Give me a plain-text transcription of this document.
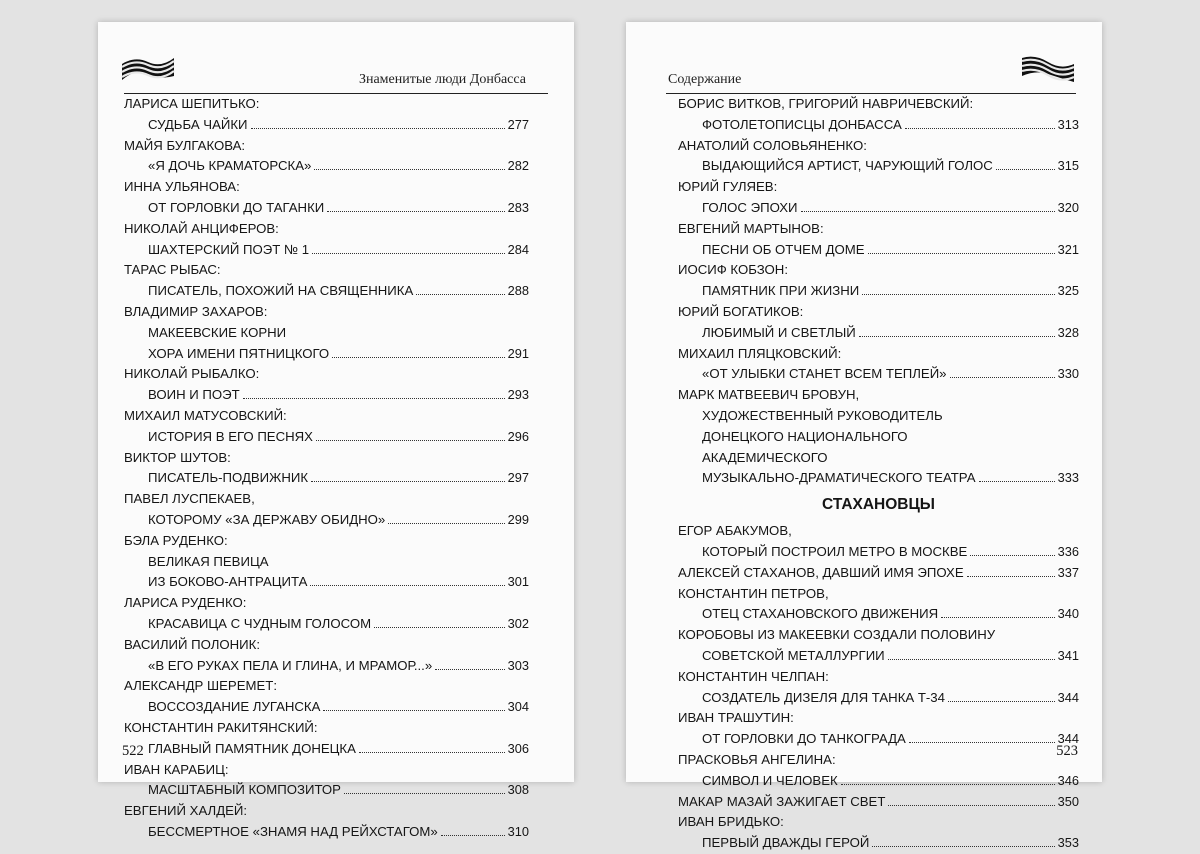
Знаменитые люди Донбасса
ЛАРИСА ШЕПИТЬКО:
СУДЬБА ЧАЙКИ	277
МАЙЯ БУЛГАКОВА:
«Я ДОЧЬ КРАМАТОРСКА»	282
ИННА УЛЬЯНОВА:
ОТ ГОРЛОВКИ ДО ТАГАНКИ	283
НИКОЛАЙ АНЦИФЕРОВ:
ШАХТЕРСКИЙ ПОЭТ № 1	284
ТАРАС РЫБАС:
ПИСАТЕЛЬ, ПОХОЖИЙ НА СВЯЩЕННИКА	288
ВЛАДИМИР ЗАХАРОВ:
МАКЕЕВСКИЕ КОРНИ
ХОРА ИМЕНИ ПЯТНИЦКОГО	291
НИКОЛАЙ РЫБАЛКО:
ВОИН И ПОЭТ	293
МИХАИЛ МАТУСОВСКИЙ:
ИСТОРИЯ В ЕГО ПЕСНЯХ	296
ВИКТОР ШУТОВ:
ПИСАТЕЛЬ-ПОДВИЖНИК	297
ПАВЕЛ ЛУСПЕКАЕВ,
КОТОРОМУ «ЗА ДЕРЖАВУ ОБИДНО»	299
БЭЛА РУДЕНКО:
ВЕЛИКАЯ ПЕВИЦА
ИЗ БОКОВО-АНТРАЦИТА	301
ЛАРИСА РУДЕНКО:
КРАСАВИЦА С ЧУДНЫМ ГОЛОСОМ	302
ВАСИЛИЙ ПОЛОНИК:
«В ЕГО РУКАХ ПЕЛА И ГЛИНА, И МРАМОР...»	303
АЛЕКСАНДР ШЕРЕМЕТ:
ВОССОЗДАНИЕ ЛУГАНСКА	304
КОНСТАНТИН РАКИТЯНСКИЙ:
ГЛАВНЫЙ ПАМЯТНИК ДОНЕЦКА	306
ИВАН КАРАБИЦ:
МАСШТАБНЫЙ КОМПОЗИТОР	308
ЕВГЕНИЙ ХАЛДЕЙ:
БЕССМЕРТНОЕ «ЗНАМЯ НАД РЕЙХСТАГОМ»	310
522
Содержание
БОРИС ВИТКОВ, ГРИГОРИЙ НАВРИЧЕВСКИЙ:
ФОТОЛЕТОПИСЦЫ ДОНБАССА	313
АНАТОЛИЙ СОЛОВЬЯНЕНКО:
ВЫДАЮЩИЙСЯ АРТИСТ, ЧАРУЮЩИЙ ГОЛОС	315
ЮРИЙ ГУЛЯЕВ:
ГОЛОС ЭПОХИ	320
ЕВГЕНИЙ МАРТЫНОВ:
ПЕСНИ ОБ ОТЧЕМ ДОМЕ	321
ИОСИФ КОБЗОН:
ПАМЯТНИК ПРИ ЖИЗНИ	325
ЮРИЙ БОГАТИКОВ:
ЛЮБИМЫЙ И СВЕТЛЫЙ	328
МИХАИЛ ПЛЯЦКОВСКИЙ:
«ОТ УЛЫБКИ СТАНЕТ ВСЕМ ТЕПЛЕЙ»	330
МАРК МАТВЕЕВИЧ БРОВУН,
ХУДОЖЕСТВЕННЫЙ РУКОВОДИТЕЛЬ
ДОНЕЦКОГО НАЦИОНАЛЬНОГО
АКАДЕМИЧЕСКОГО
МУЗЫКАЛЬНО-ДРАМАТИЧЕСКОГО ТЕАТРА	333
СТАХАНОВЦЫ
ЕГОР АБАКУМОВ,
КОТОРЫЙ ПОСТРОИЛ МЕТРО В МОСКВЕ	336
АЛЕКСЕЙ СТАХАНОВ, ДАВШИЙ ИМЯ ЭПОХЕ	337
КОНСТАНТИН ПЕТРОВ,
ОТЕЦ СТАХАНОВСКОГО ДВИЖЕНИЯ	340
КОРОБОВЫ ИЗ МАКЕЕВКИ СОЗДАЛИ ПОЛОВИНУ
СОВЕТСКОЙ МЕТАЛЛУРГИИ	341
КОНСТАНТИН ЧЕЛПАН:
СОЗДАТЕЛЬ ДИЗЕЛЯ ДЛЯ ТАНКА Т-34	344
ИВАН ТРАШУТИН:
ОТ ГОРЛОВКИ ДО ТАНКОГРАДА	344
ПРАСКОВЬЯ АНГЕЛИНА:
СИМВОЛ И ЧЕЛОВЕК	346
МАКАР МАЗАЙ ЗАЖИГАЕТ СВЕТ	350
ИВАН БРИДЬКО:
ПЕРВЫЙ ДВАЖДЫ ГЕРОЙ	353
523
